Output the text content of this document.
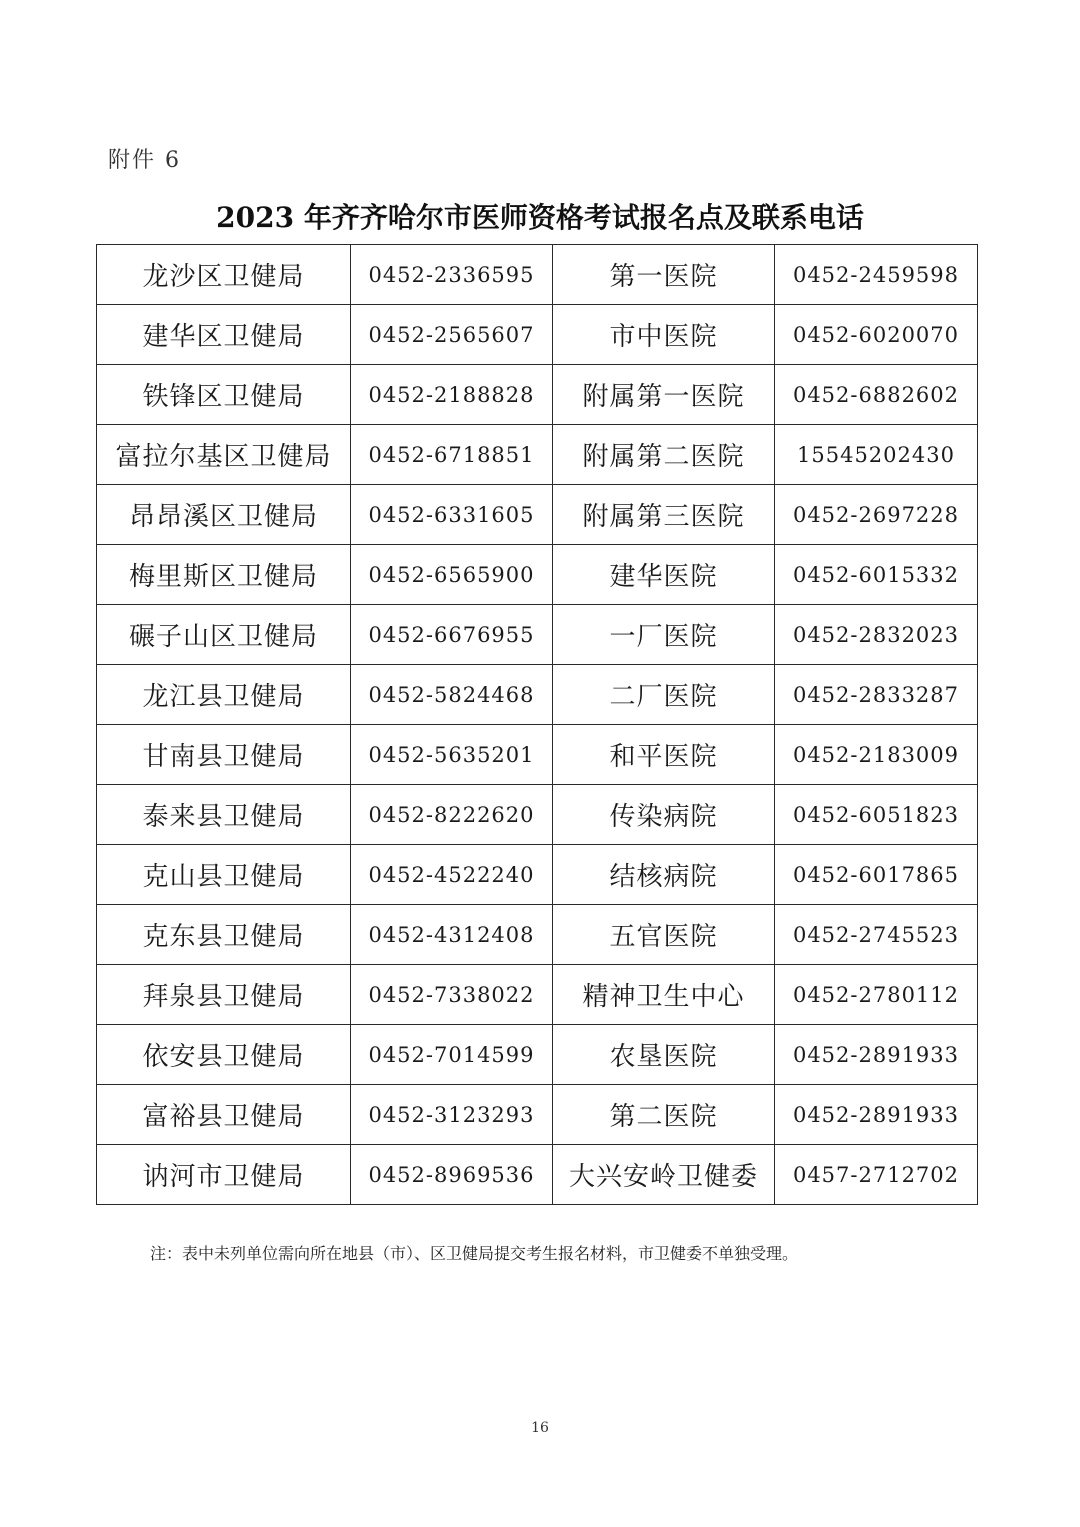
附件 6
2023 年齐齐哈尔市医师资格考试报名点及联系电话
龙沙区卫健局	0452-2336595	第一医院	0452-2459598
建华区卫健局	0452-2565607	市中医院	0452-6020070
铁锋区卫健局	0452-2188828	附属第一医院	0452-6882602
富拉尔基区卫健局	0452-6718851	附属第二医院	15545202430
昂昂溪区卫健局	0452-6331605	附属第三医院	0452-2697228
梅里斯区卫健局	0452-6565900	建华医院	0452-6015332
碾子山区卫健局	0452-6676955	一厂医院	0452-2832023
龙江县卫健局	0452-5824468	二厂医院	0452-2833287
甘南县卫健局	0452-5635201	和平医院	0452-2183009
泰来县卫健局	0452-8222620	传染病院	0452-6051823
克山县卫健局	0452-4522240	结核病院	0452-6017865
克东县卫健局	0452-4312408	五官医院	0452-2745523
拜泉县卫健局	0452-7338022	精神卫生中心	0452-2780112
依安县卫健局	0452-7014599	农垦医院	0452-2891933
富裕县卫健局	0452-3123293	第二医院	0452-2891933
讷河市卫健局	0452-8969536	大兴安岭卫健委	0457-2712702
注：表中未列单位需向所在地县（市）、区卫健局提交考生报名材料，市卫健委不单独受理。
16
